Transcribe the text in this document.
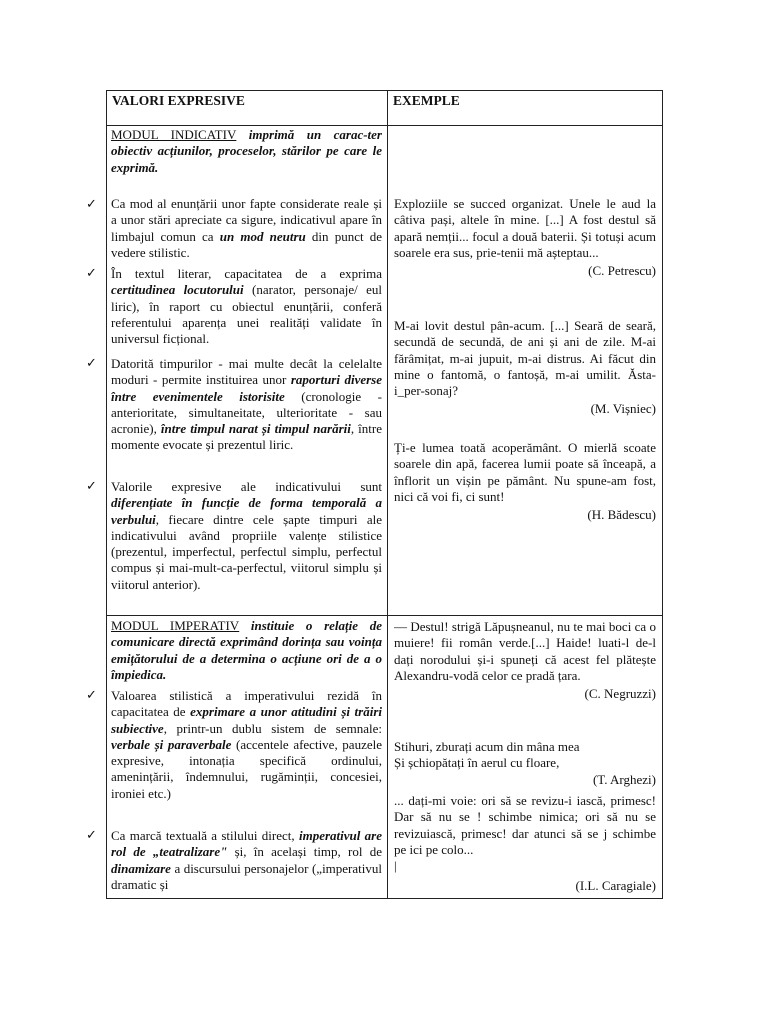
VALORI EXPRESIVE	EXEMPLE

MODUL INDICATIV imprimă un carac-ter obiectiv acțiunilor, proceselor, stărilor pe care le exprimă.

✓ Ca mod al enunțării unor fapte considerate reale și a unor stări apreciate ca sigure, indicativul apare în limbajul comun ca un mod neutru din punct de vedere stilistic.

✓ În textul literar, capacitatea de a exprima certitudinea locutorului (narator, personaje/ eul liric), în raport cu obiectul enunțării, conferă referentului aparența unei realități validate în universul ficțional.

✓ Datorită timpurilor - mai multe decât la celelalte moduri - permite instituirea unor raporturi diverse între evenimentele istorisite (cronologie - anterioritate, simultaneitate, ulterioritate - sau acronie), între timpul narat și timpul narării, între momente evocate și prezentul liric.

✓ Valorile expresive ale indicativului sunt diferențiate în funcție de forma temporală a verbului, fiecare dintre cele șapte timpuri ale indicativului având propriile valențe stilistice (prezentul, imperfectul, perfectul simplu, perfectul compus și mai-mult-ca-perfectul, viitorul simplu și viitorul anterior).

Exploziile se succed organizat. Unele le aud la câtiva pași, altele în mine. [...] A fost destul să apară nemții... focul a două baterii. Și totuși acum soarele era sus, prie-tenii mă așteptau...

(C. Petrescu)

M-ai lovit destul pân-acum. [...] Seară de seară, secundă de secundă, de ani și ani de zile. M-ai fărâmițat, m-ai jupuit, m-ai distrus. Ai făcut din mine o fantomă, o fantoșă, m-ai umilit. Ăsta-i_per-sonaj?

(M. Vișniec)

Ți-e lumea toată acoperământ. O mierlă scoate soarele din apă, facerea lumii poate să înceapă, a înflorit un vișin pe pământ. Nu spune-am fost, nici că voi fi, ci sunt!

(H. Bădescu)

MODUL IMPERATIV instituie o relație de comunicare directă exprimând dorința sau voința emițătorului de a determina o acțiune ori de a o împiedica.

✓ Valoarea stilistică a imperativului rezidă în capacitatea de exprimare a unor atitudini și trăiri subiective, printr-un dublu sistem de semnale: verbale și paraverbale (accentele afective, pauzele expresive, intonația specifică ordinului, amenințării, îndemnului, rugăminții, concesiei, ironiei etc.)

✓ Ca marcă textuală a stilului direct, imperativul are rol de „teatralizare" și, în același timp, rol de dinamizare a discursului personajelor („imperativul dramatic și

— Destul! strigă Lăpușneanul, nu te mai boci ca o muiere! fii român verde.[...] Haide! luati-l de-l dați norodului și-i spuneți că acest fel plătește Alexandru-vodă celor ce pradă țara.

(C. Negruzzi)

Stihuri, zburați acum din mâna mea

Și șchiopătați în aerul cu floare,

(T. Arghezi)

... dați-mi voie: ori să se revizu-i iască, primesc! Dar să nu se ! schimbe nimica; ori să nu se revizuiască, primesc! dar atunci să se j schimbe pe ici pe colo...

|

(I.L. Caragiale)
